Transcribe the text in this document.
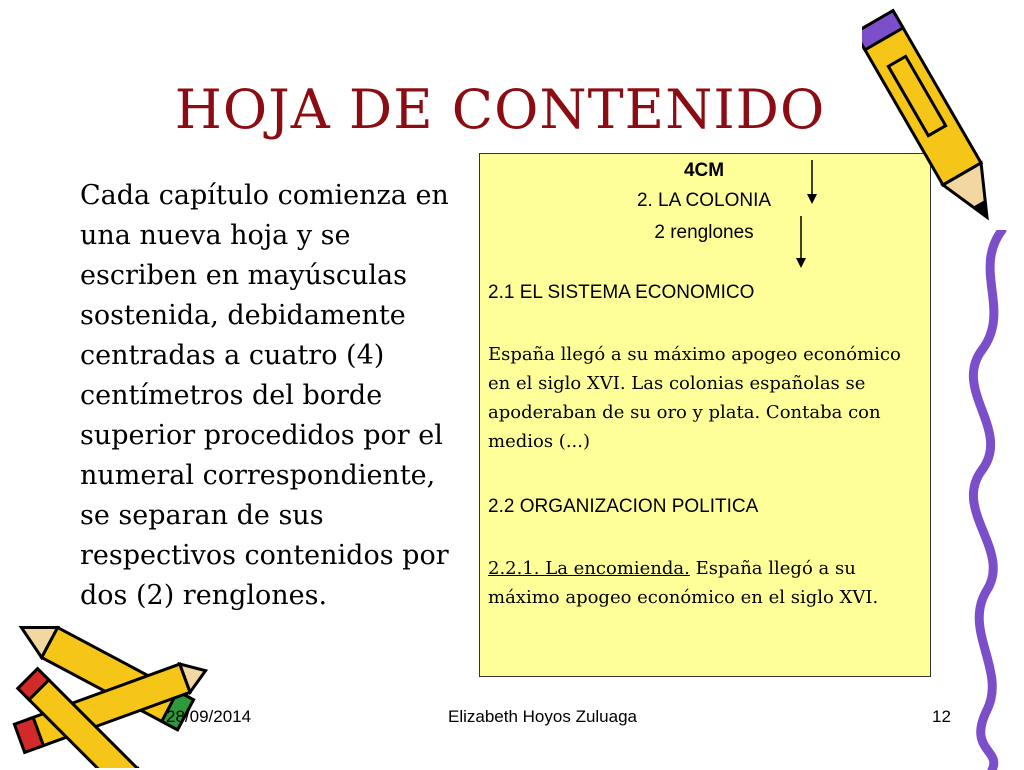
HOJA DE CONTENIDO
Cada capítulo comienza en una nueva hoja y se escriben en mayúsculas sostenida, debidamente centradas a cuatro (4) centímetros del borde superior procedidos por el numeral correspondiente, se separan de sus respectivos contenidos por dos (2) renglones.
4CM
2. LA COLONIA
2 renglones
2.1 EL SISTEMA ECONOMICO
España llegó a su máximo apogeo económico en el siglo XVI. Las colonias españolas se apoderaban de su oro y plata. Contaba con medios (...)
2.2 ORGANIZACION POLITICA
2.2.1. La encomienda. España llegó a su máximo apogeo económico en el siglo XVI.
28/09/2014	Elizabeth Hoyos Zuluaga	12
